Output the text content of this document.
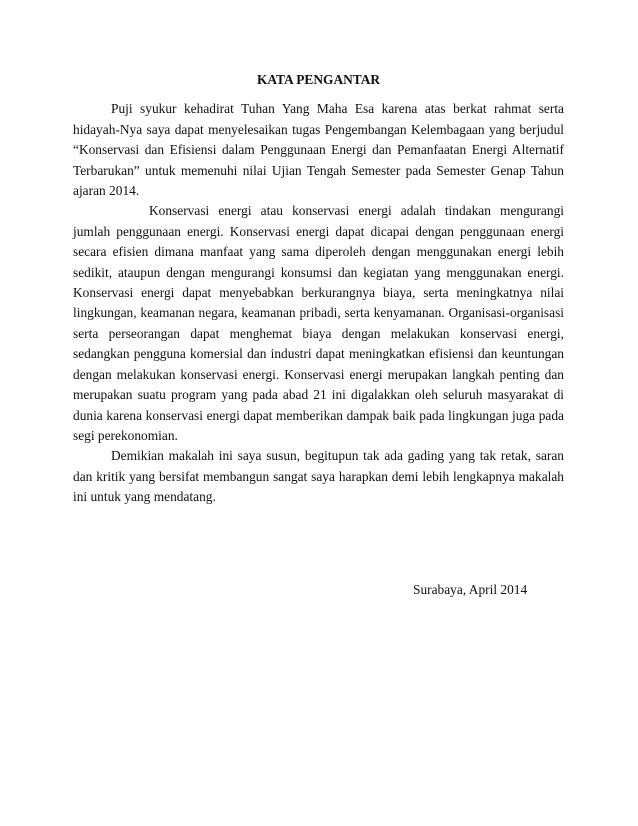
KATA PENGANTAR

Puji syukur kehadirat Tuhan Yang Maha Esa karena atas berkat rahmat serta hidayah-Nya saya dapat menyelesaikan tugas Pengembangan Kelembagaan yang berjudul “Konservasi dan Efisiensi dalam Penggunaan Energi dan Pemanfaatan Energi Alternatif Terbarukan” untuk memenuhi nilai Ujian Tengah Semester pada Semester Genap Tahun ajaran 2014.

Konservasi energi atau konservasi energi adalah tindakan mengurangi jumlah penggunaan energi. Konservasi energi dapat dicapai dengan penggunaan energi secara efisien dimana manfaat yang sama diperoleh dengan menggunakan energi lebih sedikit, ataupun dengan mengurangi konsumsi dan kegiatan yang menggunakan energi. Konservasi energi dapat menyebabkan berkurangnya biaya, serta meningkatnya nilai lingkungan, keamanan negara, keamanan pribadi, serta kenyamanan. Organisasi-organisasi serta perseorangan dapat menghemat biaya dengan melakukan konservasi energi, sedangkan pengguna komersial dan industri dapat meningkatkan efisiensi dan keuntungan dengan melakukan konservasi energi. Konservasi energi merupakan langkah penting dan merupakan suatu program yang pada abad 21 ini digalakkan oleh seluruh masyarakat di dunia karena konservasi energi dapat memberikan dampak baik pada lingkungan juga pada segi perekonomian.

Demikian makalah ini saya susun, begitupun tak ada gading yang tak retak, saran dan kritik yang bersifat membangun sangat saya harapkan demi lebih lengkapnya makalah ini untuk yang mendatang.

Surabaya, April 2014
